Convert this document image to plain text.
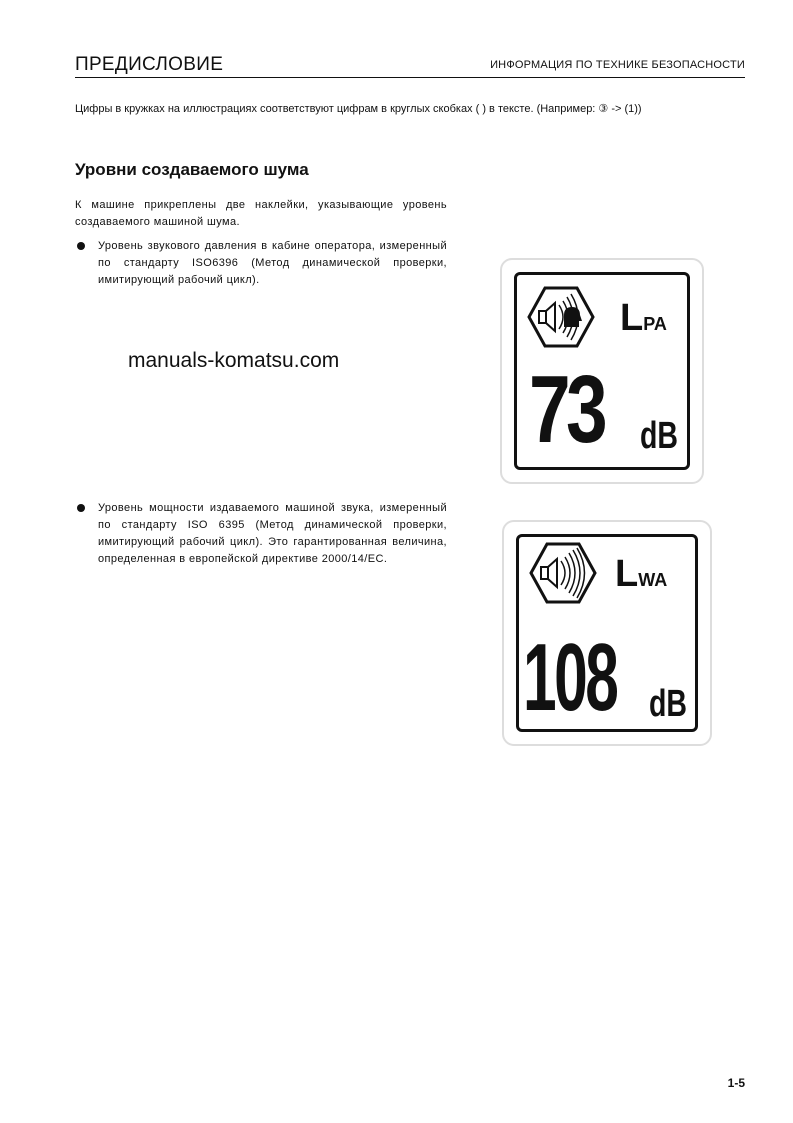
ПРЕДИСЛОВИЕ	ИНФОРМАЦИЯ ПО ТЕХНИКЕ БЕЗОПАСНОСТИ
Цифры в кружках на иллюстрациях соответствуют цифрам в круглых скобках ( ) в тексте. (Например: ③ -> (1))
Уровни создаваемого шума
К машине прикреплены две наклейки, указывающие уровень создаваемого машиной шума.
Уровень звукового давления в кабине оператора, измеренный по стандарту ISO6396 (Метод динамической проверки, имитирующий рабочий цикл).
manuals-komatsu.com
Уровень мощности издаваемого машиной звука, измеренный по стандарту ISO 6395 (Метод динамической проверки, имитирующий рабочий цикл). Это гарантированная величина, определенная в европейской директиве 2000/14/EC.
LPA
73 dB
LWA
108 dB
1-5
